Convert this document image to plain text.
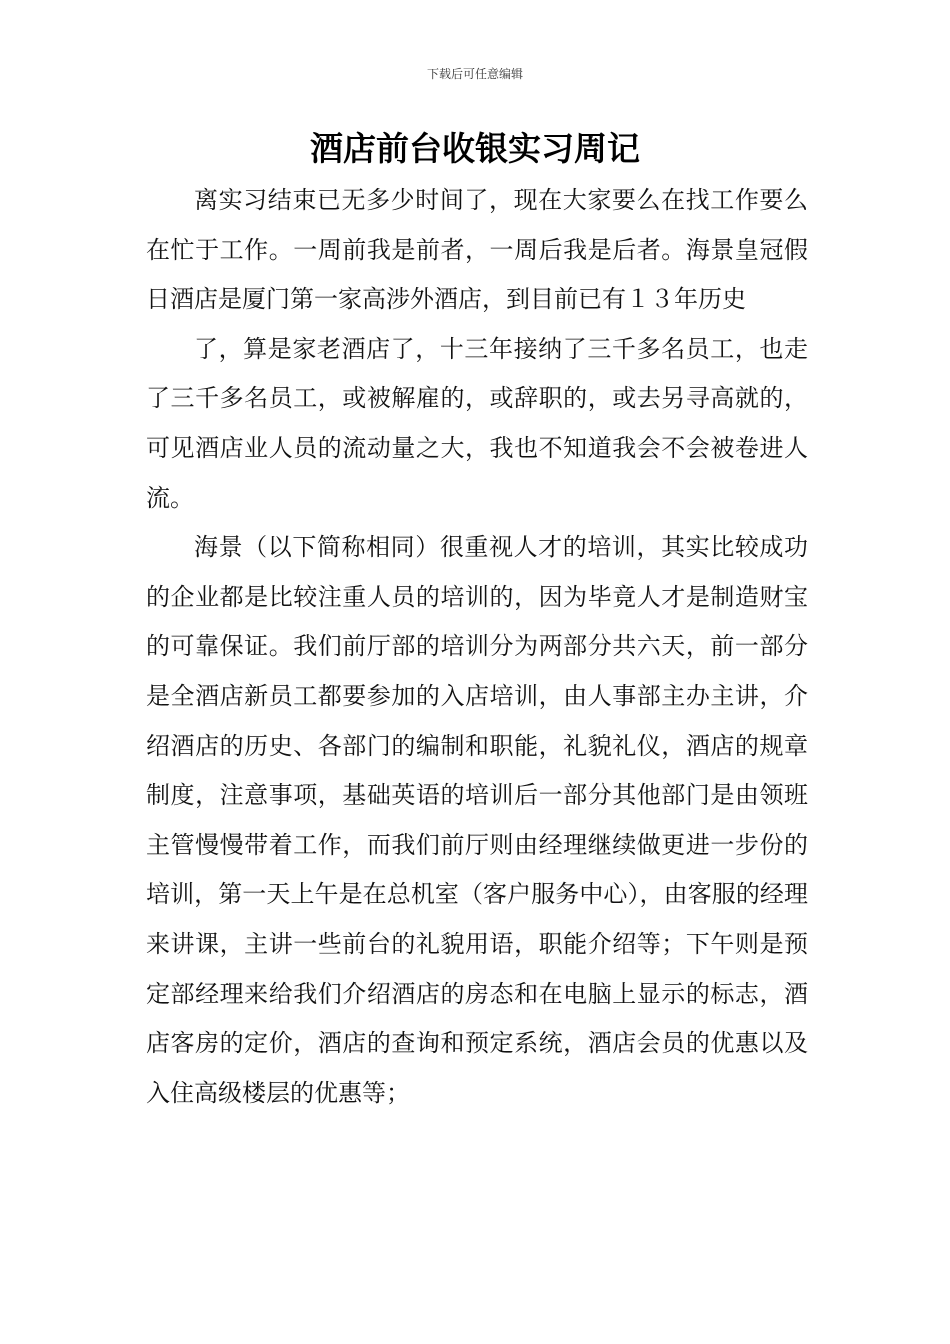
下载后可任意编辑
酒店前台收银实习周记

离实习结束已无多少时间了，现在大家要么在找工作要么在忙于工作。一周前我是前者，一周后我是后者。海景皇冠假日酒店是厦门第一家高涉外酒店，到目前已有１３年历史

了，算是家老酒店了，十三年接纳了三千多名员工，也走了三千多名员工，或被解雇的，或辞职的，或去另寻高就的，可见酒店业人员的流动量之大，我也不知道我会不会被卷进人流。

海景（以下简称相同）很重视人才的培训，其实比较成功的企业都是比较注重人员的培训的，因为毕竟人才是制造财宝的可靠保证。我们前厅部的培训分为两部分共六天，前一部分是全酒店新员工都要参加的入店培训，由人事部主办主讲，介绍酒店的历史、各部门的编制和职能，礼貌礼仪，酒店的规章制度，注意事项，基础英语的培训后一部分其他部门是由领班主管慢慢带着工作，而我们前厅则由经理继续做更进一步份的培训，第一天上午是在总机室（客户服务中心），由客服的经理来讲课，主讲一些前台的礼貌用语，职能介绍等；下午则是预定部经理来给我们介绍酒店的房态和在电脑上显示的标志，酒店客房的定价，酒店的查询和预定系统，酒店会员的优惠以及入住高级楼层的优惠等；
